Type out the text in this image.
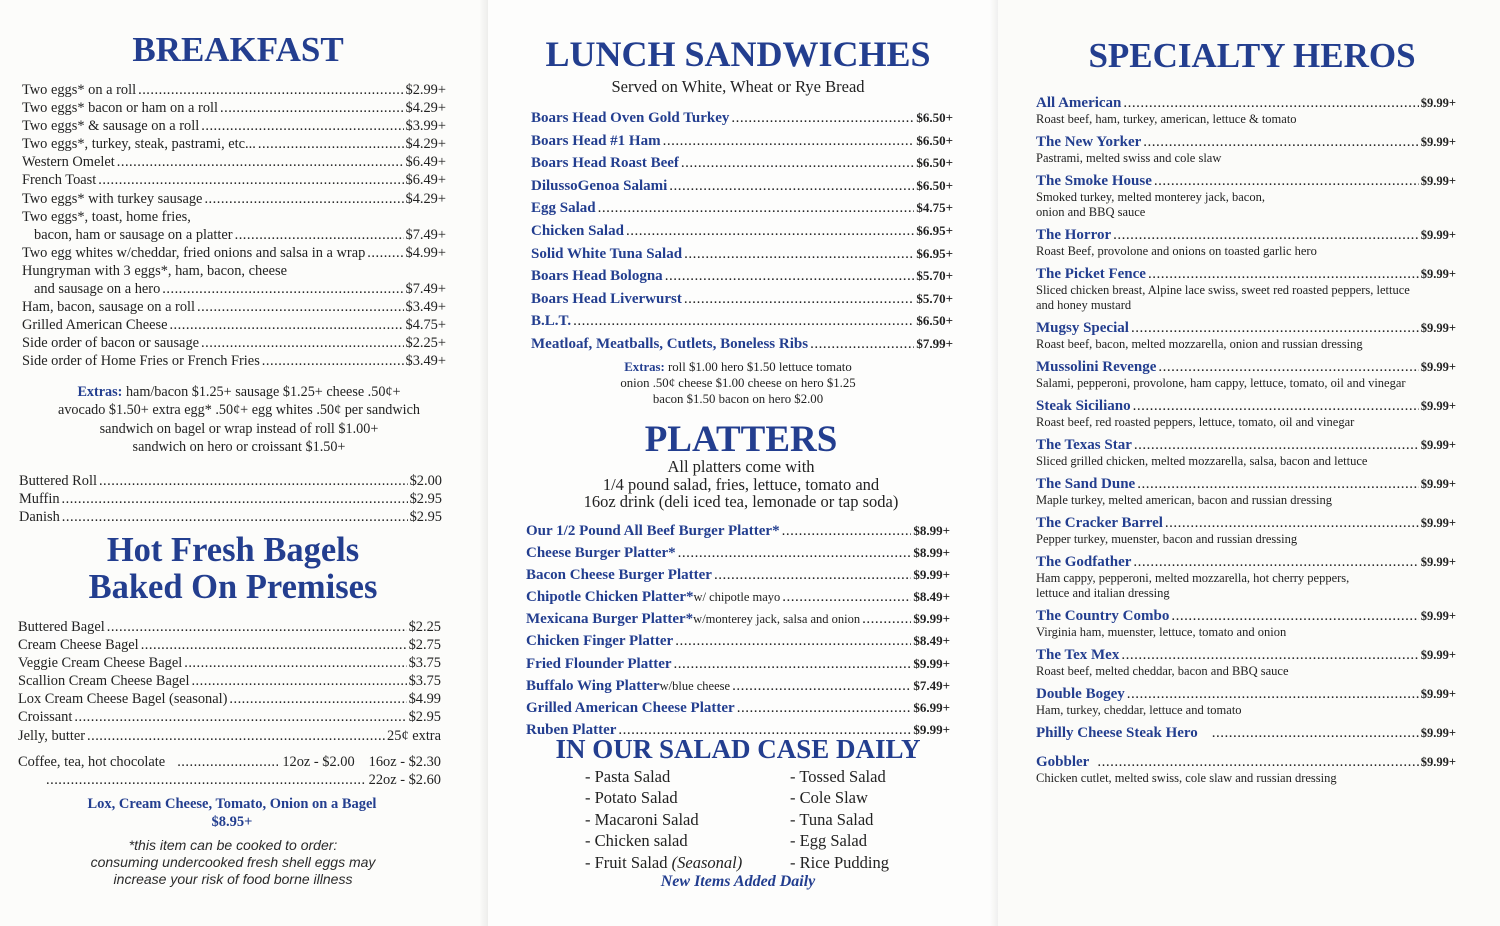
BREAKFAST
Two eggs* on a roll .....	$2.99+
Two eggs* bacon or ham on a roll .....	$4.29+
Two eggs* & sausage on a roll .....	$3.99+
Two eggs*, turkey, steak, pastrami, etc... .....	$4.29+
Western Omelet .....	$6.49+
French Toast .....	$6.49+
Two eggs* with turkey sausage .....	$4.29+
Two eggs*, toast, home fries,
bacon, ham or sausage on a platter .....	$7.49+
Two egg whites w/cheddar, fried onions and salsa in a wrap .....	$4.99+
Hungryman with 3 eggs*, ham, bacon, cheese
and sausage on a hero .....	$7.49+
Ham, bacon, sausage on a roll .....	$3.49+
Grilled American Cheese .....	$4.75+
Side order of bacon or sausage .....	$2.25+
Side order of Home Fries or French Fries .....	$3.49+
Extras: ham/bacon $1.25+ sausage $1.25+ cheese .50¢+
avocado $1.50+ extra egg* .50¢+ egg whites .50¢ per sandwich
sandwich on bagel or wrap instead of roll $1.00+
sandwich on hero or croissant $1.50+
Buttered Roll .....	$2.00
Muffin .....	$2.95
Danish .....	$2.95
Hot Fresh Bagels
Baked On Premises
Buttered Bagel .....	$2.25
Cream Cheese Bagel .....	$2.75
Veggie Cream Cheese Bagel .....	$3.75
Scallion Cream Cheese Bagel .....	$3.75
Lox Cream Cheese Bagel (seasonal) .....	$4.99
Croissant .....	$2.95
Jelly, butter .....	25¢ extra
Coffee, tea, hot chocolate .....	12oz - $2.00 16oz - $2.30
.....
22oz - $2.60
Lox, Cream Cheese, Tomato, Onion on a Bagel
$8.95+
*this item can be cooked to order:
consuming undercooked fresh shell eggs may
increase your risk of food borne illness
LUNCH SANDWICHES
Served on White, Wheat or Rye Bread
Boars Head Oven Gold Turkey .....	$6.50+
Boars Head #1 Ham .....	$6.50+
Boars Head Roast Beef .....	$6.50+
DilussoGenoa Salami .....	$6.50+
Egg Salad .....	$4.75+
Chicken Salad .....	$6.95+
Solid White Tuna Salad .....	$6.95+
Boars Head Bologna .....	$5.70+
Boars Head Liverwurst .....	$5.70+
B.L.T. .....	$6.50+
Meatloaf, Meatballs, Cutlets, Boneless Ribs .....	$7.99+
Extras: roll $1.00 hero $1.50 lettuce tomato
onion .50¢ cheese $1.00 cheese on hero $1.25
bacon $1.50 bacon on hero $2.00
PLATTERS
All platters come with
1/4 pound salad, fries, lettuce, tomato and
16oz drink (deli iced tea, lemonade or tap soda)
Our 1/2 Pound All Beef Burger Platter* .....	$8.99+
Cheese Burger Platter* .....	$8.99+
Bacon Cheese Burger Platter .....	$9.99+
Chipotle Chicken Platter* w/ chipotle mayo .....	$8.49+
Mexicana Burger Platter* w/monterey jack, salsa and onion .....	$9.99+
Chicken Finger Platter .....	$8.49+
Fried Flounder Platter .....	$9.99+
Buffalo Wing Platter w/blue cheese .....	$7.49+
Grilled American Cheese Platter .....	$6.99+
Ruben Platter .....	$9.99+
IN OUR SALAD CASE DAILY
- Pasta Salad
- Potato Salad
- Macaroni Salad
- Chicken salad
- Fruit Salad (Seasonal)
- Tossed Salad
- Cole Slaw
- Tuna Salad
- Egg Salad
- Rice Pudding
New Items Added Daily
SPECIALTY HEROS
All American .....	$9.99+
Roast beef, ham, turkey, american, lettuce & tomato
The New Yorker .....	$9.99+
Pastrami, melted swiss and cole slaw
The Smoke House .....	$9.99+
Smoked turkey, melted monterey jack, bacon,
onion and BBQ sauce
The Horror .....	$9.99+
Roast Beef, provolone and onions on toasted garlic hero
The Picket Fence .....	$9.99+
Sliced chicken breast, Alpine lace swiss, sweet red roasted peppers, lettuce
and honey mustard
Mugsy Special .....	$9.99+
Roast beef, bacon, melted mozzarella, onion and russian dressing
Mussolini Revenge .....	$9.99+
Salami, pepperoni, provolone, ham cappy, lettuce, tomato, oil and vinegar
Steak Siciliano .....	$9.99+
Roast beef, red roasted peppers, lettuce, tomato, oil and vinegar
The Texas Star .....	$9.99+
Sliced grilled chicken, melted mozzarella, salsa, bacon and lettuce
The Sand Dune .....	$9.99+
Maple turkey, melted american, bacon and russian dressing
The Cracker Barrel .....	$9.99+
Pepper turkey, muenster, bacon and russian dressing
The Godfather .....	$9.99+
Ham cappy, pepperoni, melted mozzarella, hot cherry peppers,
lettuce and italian dressing
The Country Combo .....	$9.99+
Virginia ham, muenster, lettuce, tomato and onion
The Tex Mex .....	$9.99+
Roast beef, melted cheddar, bacon and BBQ sauce
Double Bogey .....	$9.99+
Ham, turkey, cheddar, lettuce and tomato
Philly Cheese Steak Hero .....	$9.99+
Gobbler .....	$9.99+
Chicken cutlet, melted swiss, cole slaw and russian dressing
